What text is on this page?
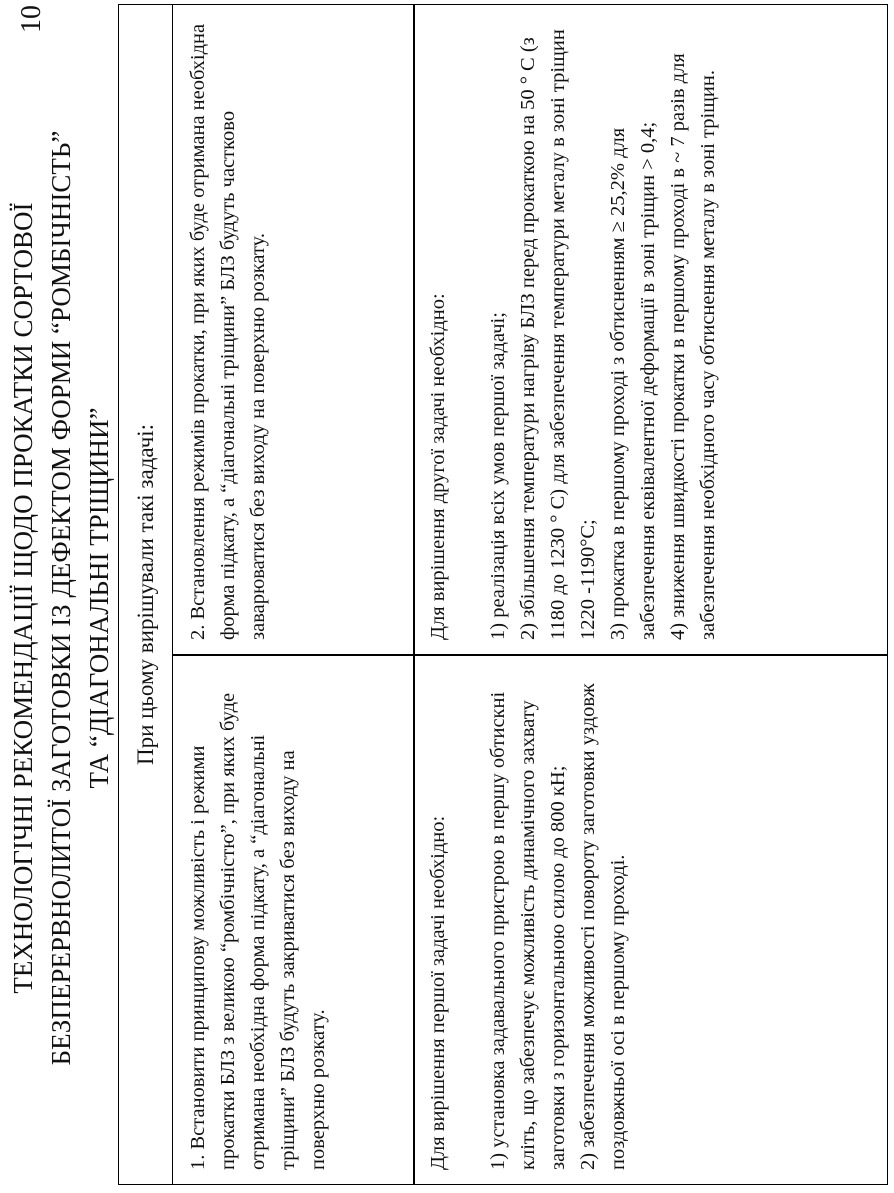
10
ТЕХНОЛОГІЧНІ РЕКОМЕНДАЦІЇ ЩОДО ПРОКАТКИ СОРТОВОЇ БЕЗПЕРЕРВНОЛИТОЇ ЗАГОТОВКИ ІЗ ДЕФЕКТОМ ФОРМИ “РОМБІЧНІСТЬ” ТА “ДІАГОНАЛЬНІ ТРІЩИНИ” При цьому вирішували такі задачі:

1. Встановити принципову можливість і режими прокатки БЛЗ з великою “ромбічністю”, при яких буде отримана необхідна форма підкату, а “діагональні тріщини” БЛЗ будуть закриватися без виходу на поверхню розкату.

2. Встановлення режимів прокатки, при яких буде отримана необхідна форма підкату, а “діагональні тріщини” БЛЗ будуть частково заварюватися без виходу на поверхню розкату.

Для вирішення першої задачі необхідно: 1) установка задавального пристрою в першу обтискні кліть, що забезпечує можливість динамічного захвату заготовки з горизонтальною силою до 800 кН; 2) забезпечення можливості повороту заготовки уздовж поздовжньої осі в першому проході.

Для вирішення другої задачі необхідно: 1) реалізація всіх умов першої задачі; 2) збільшення температури нагріву БЛЗ перед прокаткою на 50 ° С (з 1180 до 1230 ° С) для забезпечення температури металу в зоні тріщин 1220 -1190°С; 3) прокатка в першому проході з обтисненням ≥ 25,2% для забезпечення еквівалентної деформації в зоні тріщин > 0,4; 4) зниження швидкості прокатки в першому проході в ~ 7 разів для забезпечення необхідного часу обтиснення металу в зоні тріщин.
